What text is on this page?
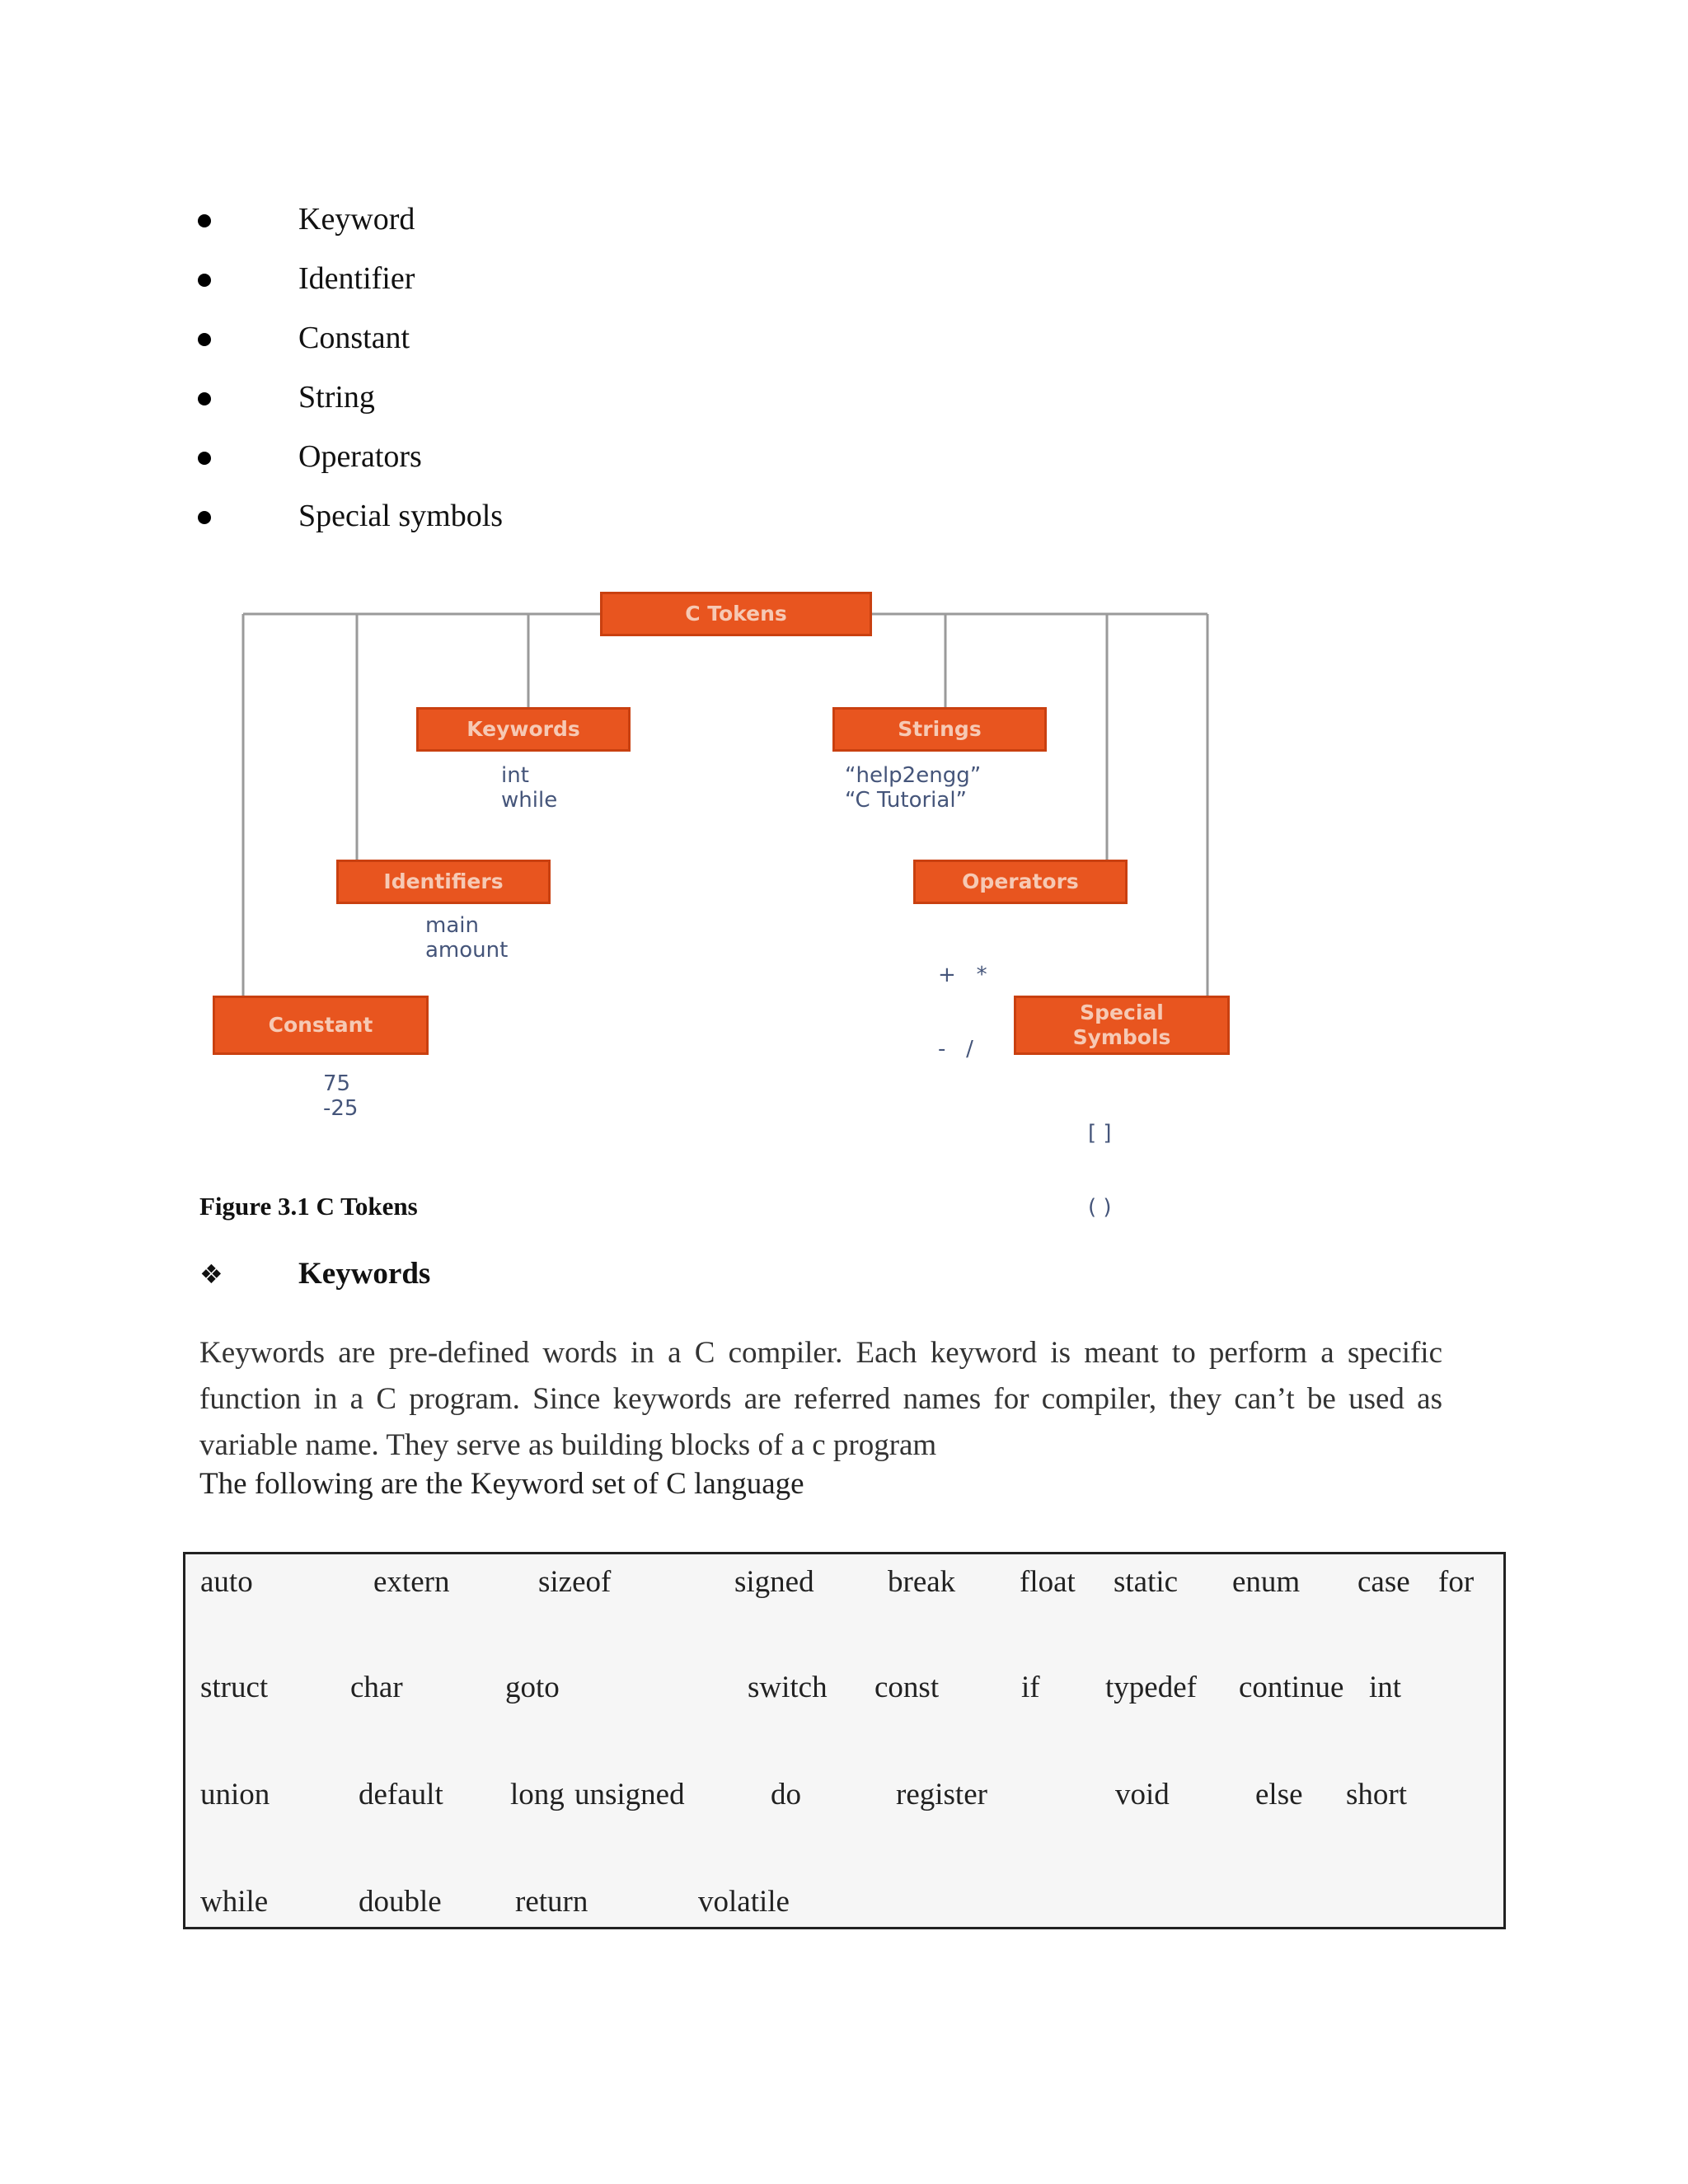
Keyword
Identifier
Constant
String
Operators
Special symbols
C Tokens
Keywords
int
while
Strings
“help2engg”
“C Tutorial”
Identifiers
main
amount
Operators

+   *

-   /

Constant
75
-25
Special
Symbols

[ ]

( )

Figure 3.1 C Tokens
❖ Keywords
Keywords are pre-defined words in a C compiler. Each keyword is meant to perform a specific function in a C program. Since keywords are referred names for compiler, they can’t be used as variable name. They serve as building blocks of a c program
The following are the Keyword set of C language
auto	extern	sizeof	signed break float static enum case for
struct	char	goto	switch const	if typedef continue int
union	default long unsigned	do	register	void	else short
while	double return	volatile
